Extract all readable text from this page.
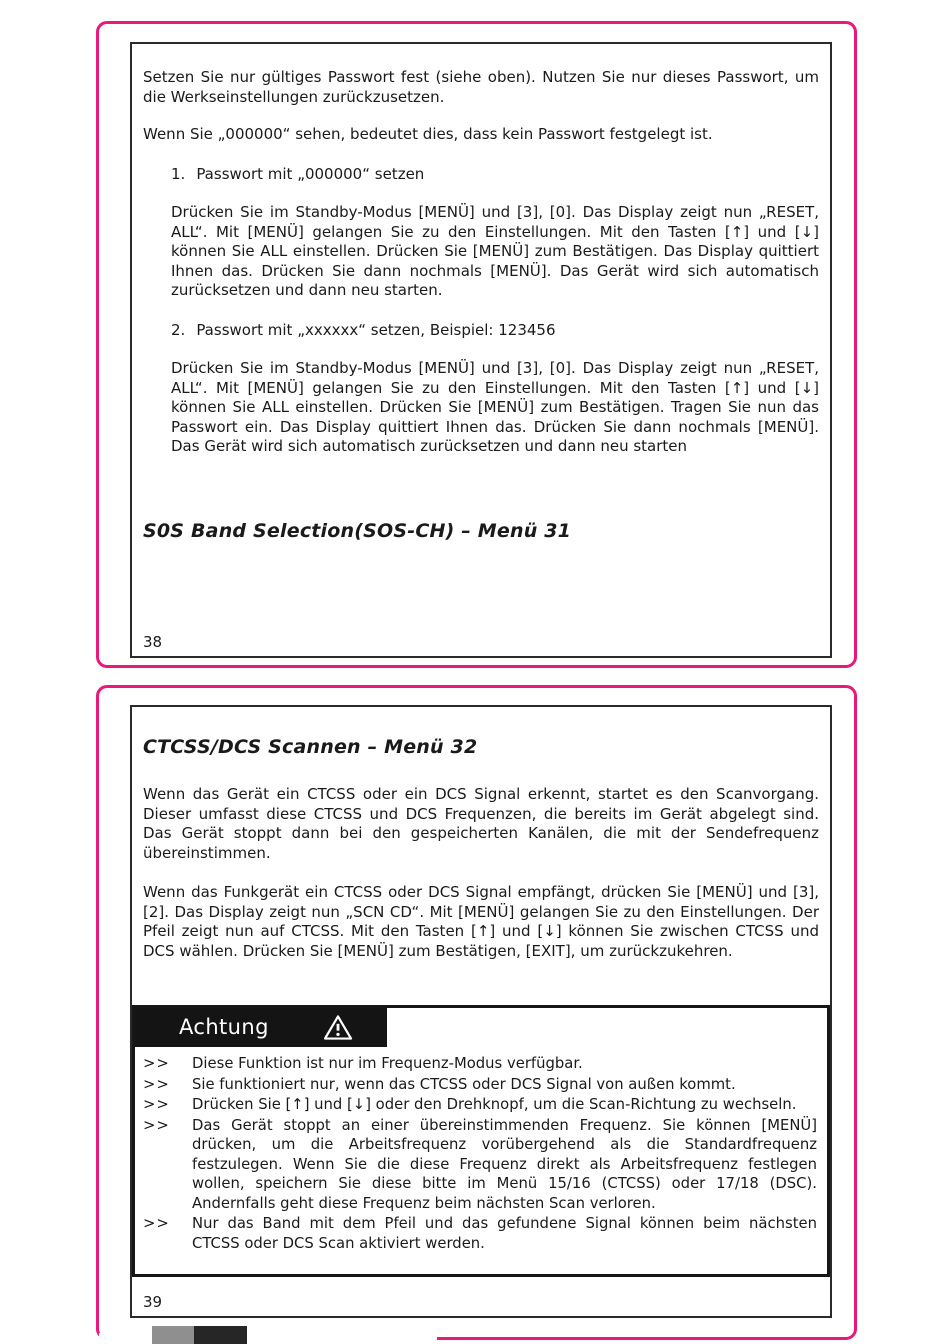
Setzen Sie nur gültiges Passwort fest (siehe oben). Nutzen Sie nur dieses Passwort, um die Werkseinstellungen zurückzusetzen.

Wenn Sie „000000“ sehen, bedeutet dies, dass kein Passwort festgelegt ist.

1. Passwort mit „000000“ setzen

Drücken Sie im Standby-Modus [MENÜ] und [3], [0]. Das Display zeigt nun „RESET, ALL“. Mit [MENÜ] gelangen Sie zu den Einstellungen. Mit den Tasten [↑] und [↓] können Sie ALL einstellen. Drücken Sie [MENÜ] zum Bestätigen. Das Display quittiert Ihnen das. Drücken Sie dann nochmals [MENÜ]. Das Gerät wird sich automatisch zurücksetzen und dann neu starten.

2. Passwort mit „xxxxxx“ setzen, Beispiel: 123456

Drücken Sie im Standby-Modus [MENÜ] und [3], [0]. Das Display zeigt nun „RESET, ALL“. Mit [MENÜ] gelangen Sie zu den Einstellungen. Mit den Tasten [↑] und [↓] können Sie ALL einstellen. Drücken Sie [MENÜ] zum Bestätigen. Tragen Sie nun das Passwort ein. Das Display quittiert Ihnen das. Drücken Sie dann nochmals [MENÜ]. Das Gerät wird sich automatisch zurücksetzen und dann neu starten

S0S Band Selection(SOS-CH) – Menü 31
38
CTCSS/DCS Scannen – Menü 32

Wenn das Gerät ein CTCSS oder ein DCS Signal erkennt, startet es den Scanvorgang. Dieser umfasst diese CTCSS und DCS Frequenzen, die bereits im Gerät abgelegt sind. Das Gerät stoppt dann bei den gespeicherten Kanälen, die mit der Sendefrequenz übereinstimmen.

Wenn das Funkgerät ein CTCSS oder DCS Signal empfängt, drücken Sie [MENÜ] und [3], [2]. Das Display zeigt nun „SCN CD“. Mit [MENÜ] gelangen Sie zu den Einstellungen. Der Pfeil zeigt nun auf CTCSS. Mit den Tasten [↑] und [↓] können Sie zwischen CTCSS und DCS wählen. Drücken Sie [MENÜ] zum Bestätigen, [EXIT], um zurückzukehren.

Achtung
>>	Diese Funktion ist nur im Frequenz-Modus verfügbar.
>>	Sie funktioniert nur, wenn das CTCSS oder DCS Signal von außen kommt.
>>	Drücken Sie [↑] und [↓] oder den Drehknopf, um die Scan-Richtung zu wechseln.
>>	Das Gerät stoppt an einer übereinstimmenden Frequenz. Sie können [MENÜ] drücken, um die Arbeitsfrequenz vorübergehend als die Standardfrequenz festzulegen. Wenn Sie die diese Frequenz direkt als Arbeitsfrequenz festlegen wollen, speichern Sie diese bitte im Menü 15/16 (CTCSS) oder 17/18 (DSC). Andernfalls geht diese Frequenz beim nächsten Scan verloren.
>>	Nur das Band mit dem Pfeil und das gefundene Signal können beim nächsten CTCSS oder DCS Scan aktiviert werden.
39
